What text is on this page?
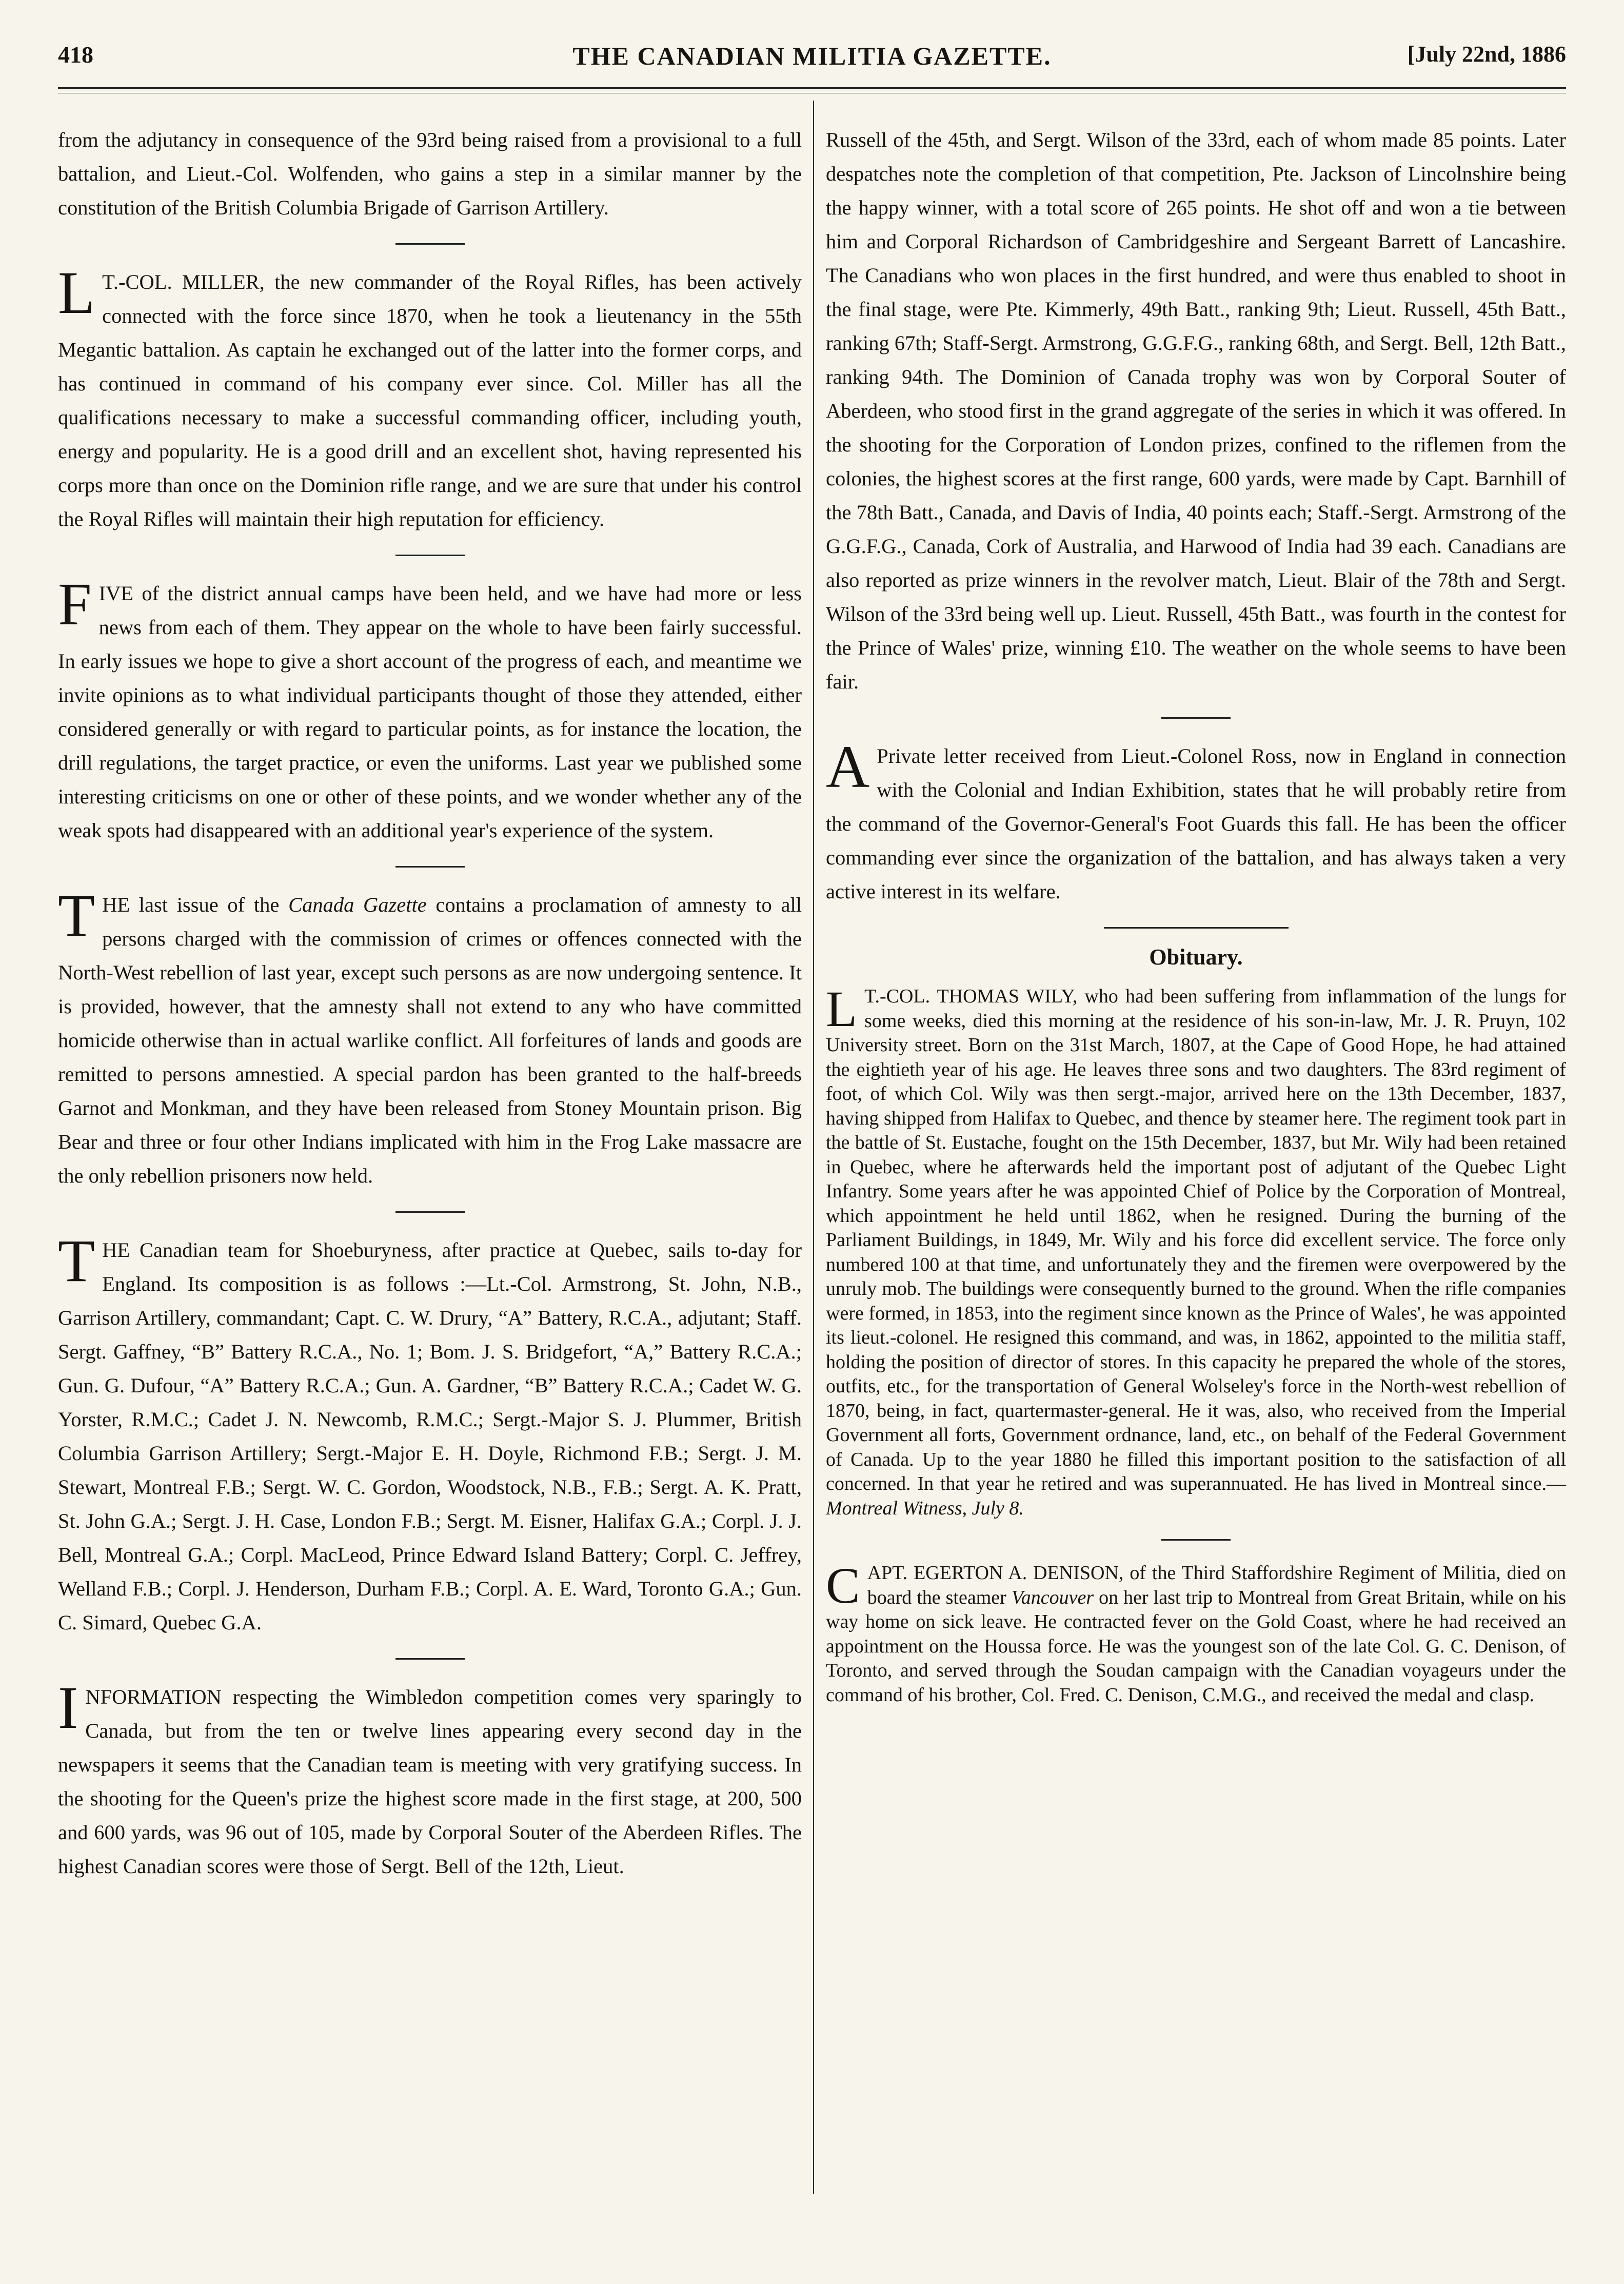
418	THE CANADIAN MILITIA GAZETTE.	[July 22nd, 1886

from the adjutancy in consequence of the 93rd being raised from a provisional to a full battalion, and Lieut.-Col. Wolfenden, who gains a step in a similar manner by the constitution of the British Columbia Brigade of Garrison Artillery.

L T.-COL. MILLER, the new commander of the Royal Rifles, has been actively connected with the force since 1870, when he took a lieutenancy in the 55th Megantic battalion. As captain he exchanged out of the latter into the former corps, and has continued in command of his company ever since. Col. Miller has all the qualifications necessary to make a successful commanding officer, including youth, energy and popularity. He is a good drill and an excellent shot, having represented his corps more than once on the Dominion rifle range, and we are sure that under his control the Royal Rifles will maintain their high reputation for efficiency.

FIVE of the district annual camps have been held, and we have had more or less news from each of them. They appear on the whole to have been fairly successful. In early issues we hope to give a short account of the progress of each, and meantime we invite opinions as to what individual participants thought of those they attended, either considered generally or with regard to particular points, as for instance the location, the drill regulations, the target practice, or even the uniforms. Last year we published some interesting criticisms on one or other of these points, and we wonder whether any of the weak spots had disappeared with an additional year's experience of the system.

THE last issue of the Canada Gazette contains a proclamation of amnesty to all persons charged with the commission of crimes or offences connected with the North-West rebellion of last year, except such persons as are now undergoing sentence. It is provided, however, that the amnesty shall not extend to any who have committed homicide otherwise than in actual warlike conflict. All forfeitures of lands and goods are remitted to persons amnestied. A special pardon has been granted to the half-breeds Garnot and Monkman, and they have been released from Stoney Mountain prison. Big Bear and three or four other Indians implicated with him in the Frog Lake massacre are the only rebellion prisoners now held.

THE Canadian team for Shoeburyness, after practice at Quebec, sails to-day for England. Its composition is as follows :—Lt.-Col. Armstrong, St. John, N.B., Garrison Artillery, commandant; Capt. C. W. Drury, “A” Battery, R.C.A., adjutant; Staff. Sergt. Gaffney, “B” Battery R.C.A., No. 1; Bom. J. S. Bridgefort, “A,” Battery R.C.A.; Gun. G. Dufour, “A” Battery R.C.A.; Gun. A. Gardner, “B” Battery R.C.A.; Cadet W. G. Yorster, R.M.C.; Cadet J. N. Newcomb, R.M.C.; Sergt.-Major S. J. Plummer, British Columbia Garrison Artillery; Sergt.-Major E. H. Doyle, Richmond F.B.; Sergt. J. M. Stewart, Montreal F.B.; Sergt. W. C. Gordon, Woodstock, N.B., F.B.; Sergt. A. K. Pratt, St. John G.A.; Sergt. J. H. Case, London F.B.; Sergt. M. Eisner, Halifax G.A.; Corpl. J. J. Bell, Montreal G.A.; Corpl. MacLeod, Prince Edward Island Battery; Corpl. C. Jeffrey, Welland F.B.; Corpl. J. Henderson, Durham F.B.; Corpl. A. E. Ward, Toronto G.A.; Gun. C. Simard, Quebec G.A.

INFORMATION respecting the Wimbledon competition comes very sparingly to Canada, but from the ten or twelve lines appearing every second day in the newspapers it seems that the Canadian team is meeting with very gratifying success. In the shooting for the Queen's prize the highest score made in the first stage, at 200, 500 and 600 yards, was 96 out of 105, made by Corporal Souter of the Aberdeen Rifles. The highest Canadian scores were those of Sergt. Bell of the 12th, Lieut.

Russell of the 45th, and Sergt. Wilson of the 33rd, each of whom made 85 points. Later despatches note the completion of that competition, Pte. Jackson of Lincolnshire being the happy winner, with a total score of 265 points. He shot off and won a tie between him and Corporal Richardson of Cambridgeshire and Sergeant Barrett of Lancashire. The Canadians who won places in the first hundred, and were thus enabled to shoot in the final stage, were Pte. Kimmerly, 49th Batt., ranking 9th; Lieut. Russell, 45th Batt., ranking 67th; Staff-Sergt. Armstrong, G.G.F.G., ranking 68th, and Sergt. Bell, 12th Batt., ranking 94th. The Dominion of Canada trophy was won by Corporal Souter of Aberdeen, who stood first in the grand aggregate of the series in which it was offered. In the shooting for the Corporation of London prizes, confined to the riflemen from the colonies, the highest scores at the first range, 600 yards, were made by Capt. Barnhill of the 78th Batt., Canada, and Davis of India, 40 points each; Staff.-Sergt. Armstrong of the G.G.F.G., Canada, Cork of Australia, and Harwood of India had 39 each. Canadians are also reported as prize winners in the revolver match, Lieut. Blair of the 78th and Sergt. Wilson of the 33rd being well up. Lieut. Russell, 45th Batt., was fourth in the contest for the Prince of Wales' prize, winning £10. The weather on the whole seems to have been fair.

A Private letter received from Lieut.-Colonel Ross, now in England in connection with the Colonial and Indian Exhibition, states that he will probably retire from the command of the Governor-General's Foot Guards this fall. He has been the officer commanding ever since the organization of the battalion, and has always taken a very active interest in its welfare.

Obituary.

L T.-COL. THOMAS WILY, who had been suffering from inflammation of the lungs for some weeks, died this morning at the residence of his son-in-law, Mr. J. R. Pruyn, 102 University street. Born on the 31st March, 1807, at the Cape of Good Hope, he had attained the eightieth year of his age. He leaves three sons and two daughters. The 83rd regiment of foot, of which Col. Wily was then sergt.-major, arrived here on the 13th December, 1837, having shipped from Halifax to Quebec, and thence by steamer here. The regiment took part in the battle of St. Eustache, fought on the 15th December, 1837, but Mr. Wily had been retained in Quebec, where he afterwards held the important post of adjutant of the Quebec Light Infantry. Some years after he was appointed Chief of Police by the Corporation of Montreal, which appointment he held until 1862, when he resigned. During the burning of the Parliament Buildings, in 1849, Mr. Wily and his force did excellent service. The force only numbered 100 at that time, and unfortunately they and the firemen were overpowered by the unruly mob. The buildings were consequently burned to the ground. When the rifle companies were formed, in 1853, into the regiment since known as the Prince of Wales', he was appointed its lieut.-colonel. He resigned this command, and was, in 1862, appointed to the militia staff, holding the position of director of stores. In this capacity he prepared the whole of the stores, outfits, etc., for the transportation of General Wolseley's force in the North-west rebellion of 1870, being, in fact, quartermaster-general. He it was, also, who received from the Imperial Government all forts, Government ordnance, land, etc., on behalf of the Federal Government of Canada. Up to the year 1880 he filled this important position to the satisfaction of all concerned. In that year he retired and was superannuated. He has lived in Montreal since.—Montreal Witness, July 8.

CAPT. EGERTON A. DENISON, of the Third Staffordshire Regiment of Militia, died on board the steamer Vancouver on her last trip to Montreal from Great Britain, while on his way home on sick leave. He contracted fever on the Gold Coast, where he had received an appointment on the Houssa force. He was the youngest son of the late Col. G. C. Denison, of Toronto, and served through the Soudan campaign with the Canadian voyageurs under the command of his brother, Col. Fred. C. Denison, C.M.G., and received the medal and clasp.
